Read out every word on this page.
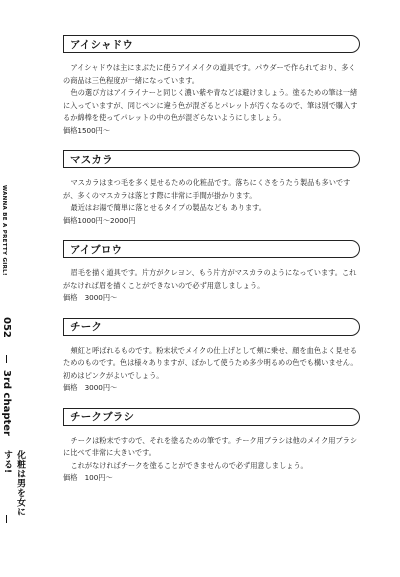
WANNA BE A PRETTY GIRL!
052
3rd chapter
化粧は男を女にする!
アイシャドウ

アイシャドウは主にまぶたに使うアイメイクの道具です。パウダーで作られており、多くの商品は三色程度が一緒になっています。

色の選び方はアイライナーと同じく濃い紫や青などは避けましょう。塗るための筆は一緒に入っていますが、同じペンに違う色が混ざるとパレットが汚くなるので、筆は別で購入するか綿棒を使ってパレットの中の色が混ざらないようにしましょう。

価格1500円～

マスカラ

マスカラはまつ毛を多く見せるための化粧品です。落ちにくさをうたう製品も多いですが、多くのマスカラは落とす際に非常に手間が掛かります。

最近はお湯で簡単に落とせるタイプの製品なども あります。

価格1000円～2000円

アイブロウ

眉毛を描く道具です。片方がクレヨン、もう片方がマスカラのようになっています。これがなければ眉を描くことができないので必ず用意しましょう。

価格　3000円～

チーク

頬紅と呼ばれるものです。粉末状でメイクの仕上げとして頬に乗せ、顔を血色よく見せるためのものです。色は様々ありますが、ぼかして使うため多少明るめの色でも構いません。初めはピンクがよいでしょう。

価格　3000円～

チークブラシ

チークは粉末ですので、それを塗るための筆です。チーク用ブラシは他のメイク用ブラシに比べて非常に大きいです。

これがなければチークを塗ることができませんので必ず用意しましょう。

価格　100円～
